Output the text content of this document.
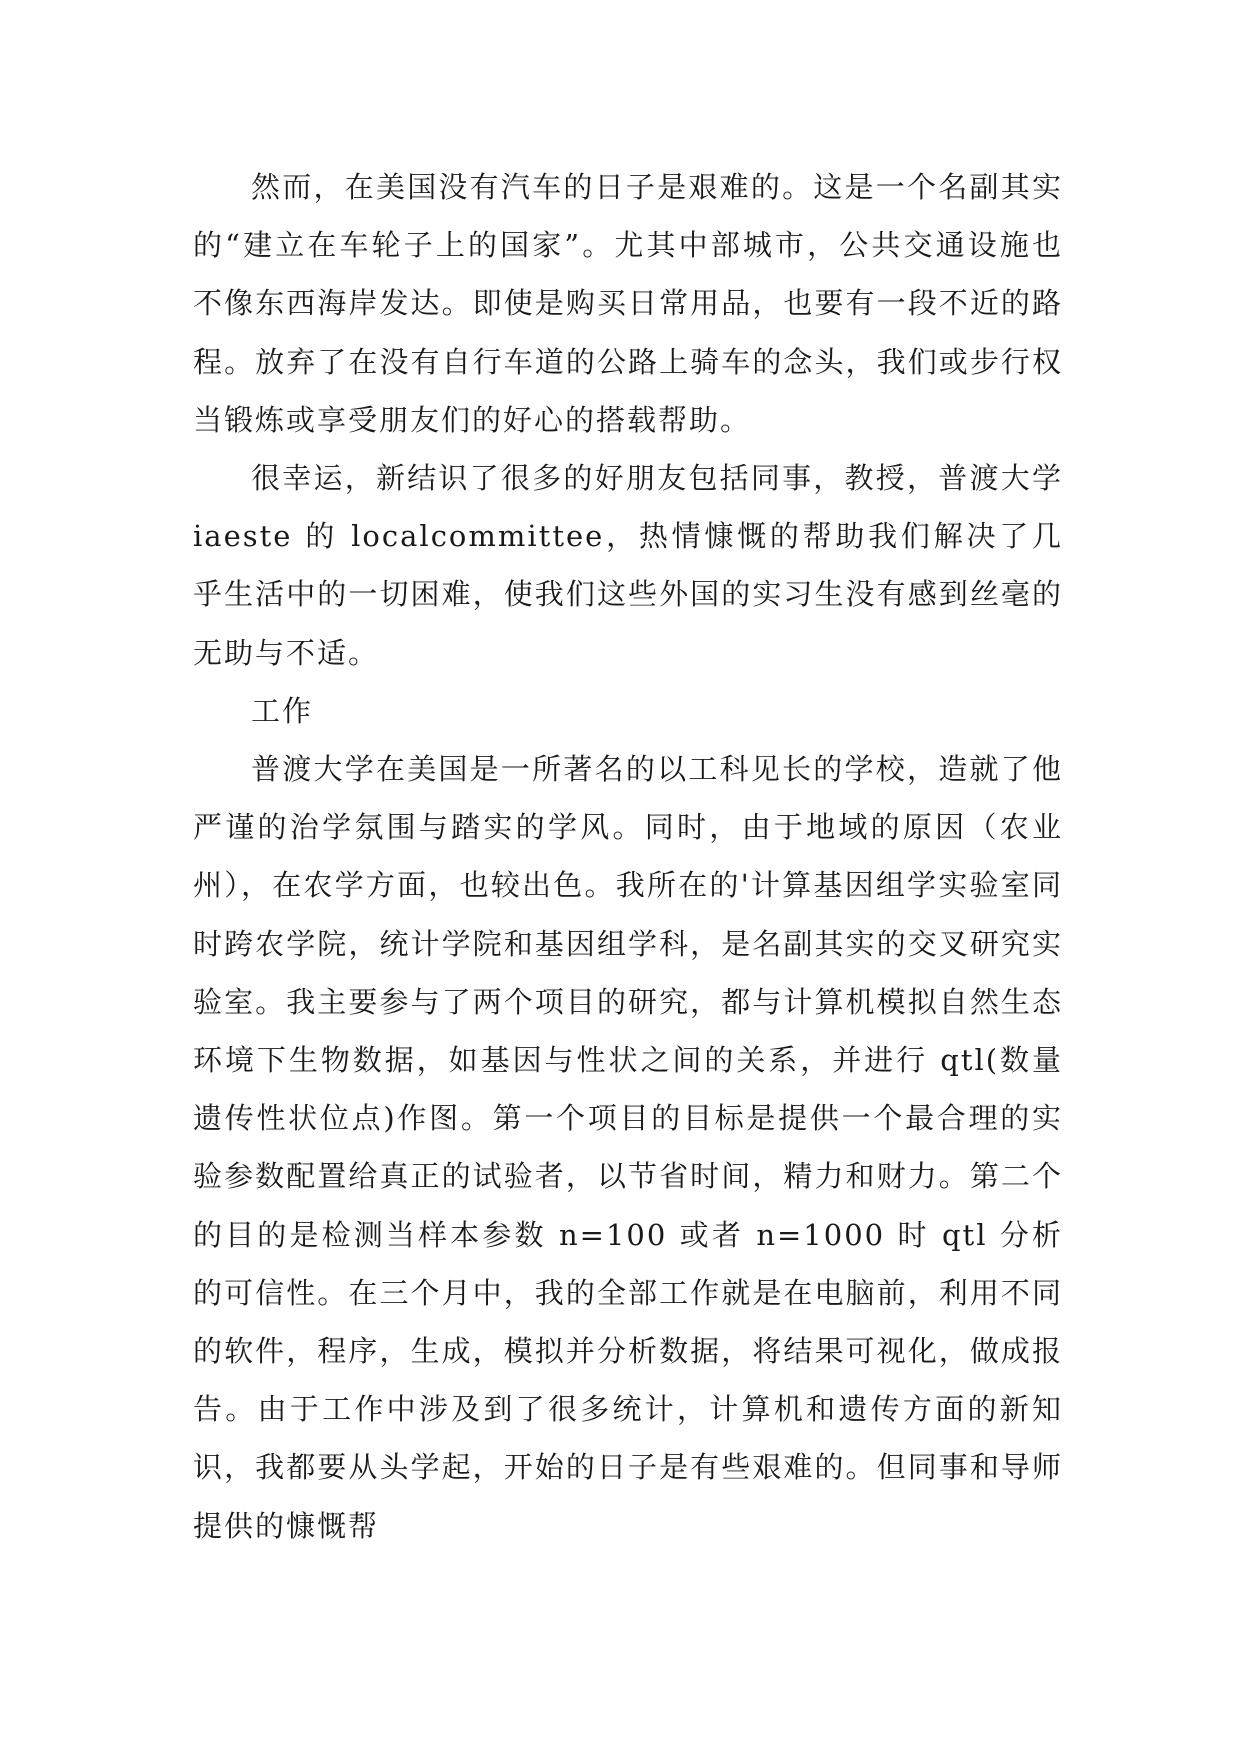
然而，在美国没有汽车的日子是艰难的。这是一个名副其实的“建立在车轮子上的国家”。尤其中部城市，公共交通设施也不像东西海岸发达。即使是购买日常用品，也要有一段不近的路程。放弃了在没有自行车道的公路上骑车的念头，我们或步行权当锻炼或享受朋友们的好心的搭载帮助。

很幸运，新结识了很多的好朋友包括同事，教授，普渡大学 iaeste 的 localcommittee，热情慷慨的帮助我们解决了几乎生活中的一切困难，使我们这些外国的实习生没有感到丝毫的无助与不适。

工作

普渡大学在美国是一所著名的以工科见长的学校，造就了他严谨的治学氛围与踏实的学风。同时，由于地域的原因（农业州），在农学方面，也较出色。我所在的'计算基因组学实验室同时跨农学院，统计学院和基因组学科，是名副其实的交叉研究实验室。我主要参与了两个项目的研究，都与计算机模拟自然生态环境下生物数据，如基因与性状之间的关系，并进行 qtl(数量遗传性状位点)作图。第一个项目的目标是提供一个最合理的实验参数配置给真正的试验者，以节省时间，精力和财力。第二个的目的是检测当样本参数 n=100 或者 n=1000 时 qtl 分析的可信性。在三个月中，我的全部工作就是在电脑前，利用不同的软件，程序，生成，模拟并分析数据，将结果可视化，做成报告。由于工作中涉及到了很多统计，计算机和遗传方面的新知识，我都要从头学起，开始的日子是有些艰难的。但同事和导师提供的慷慨帮
